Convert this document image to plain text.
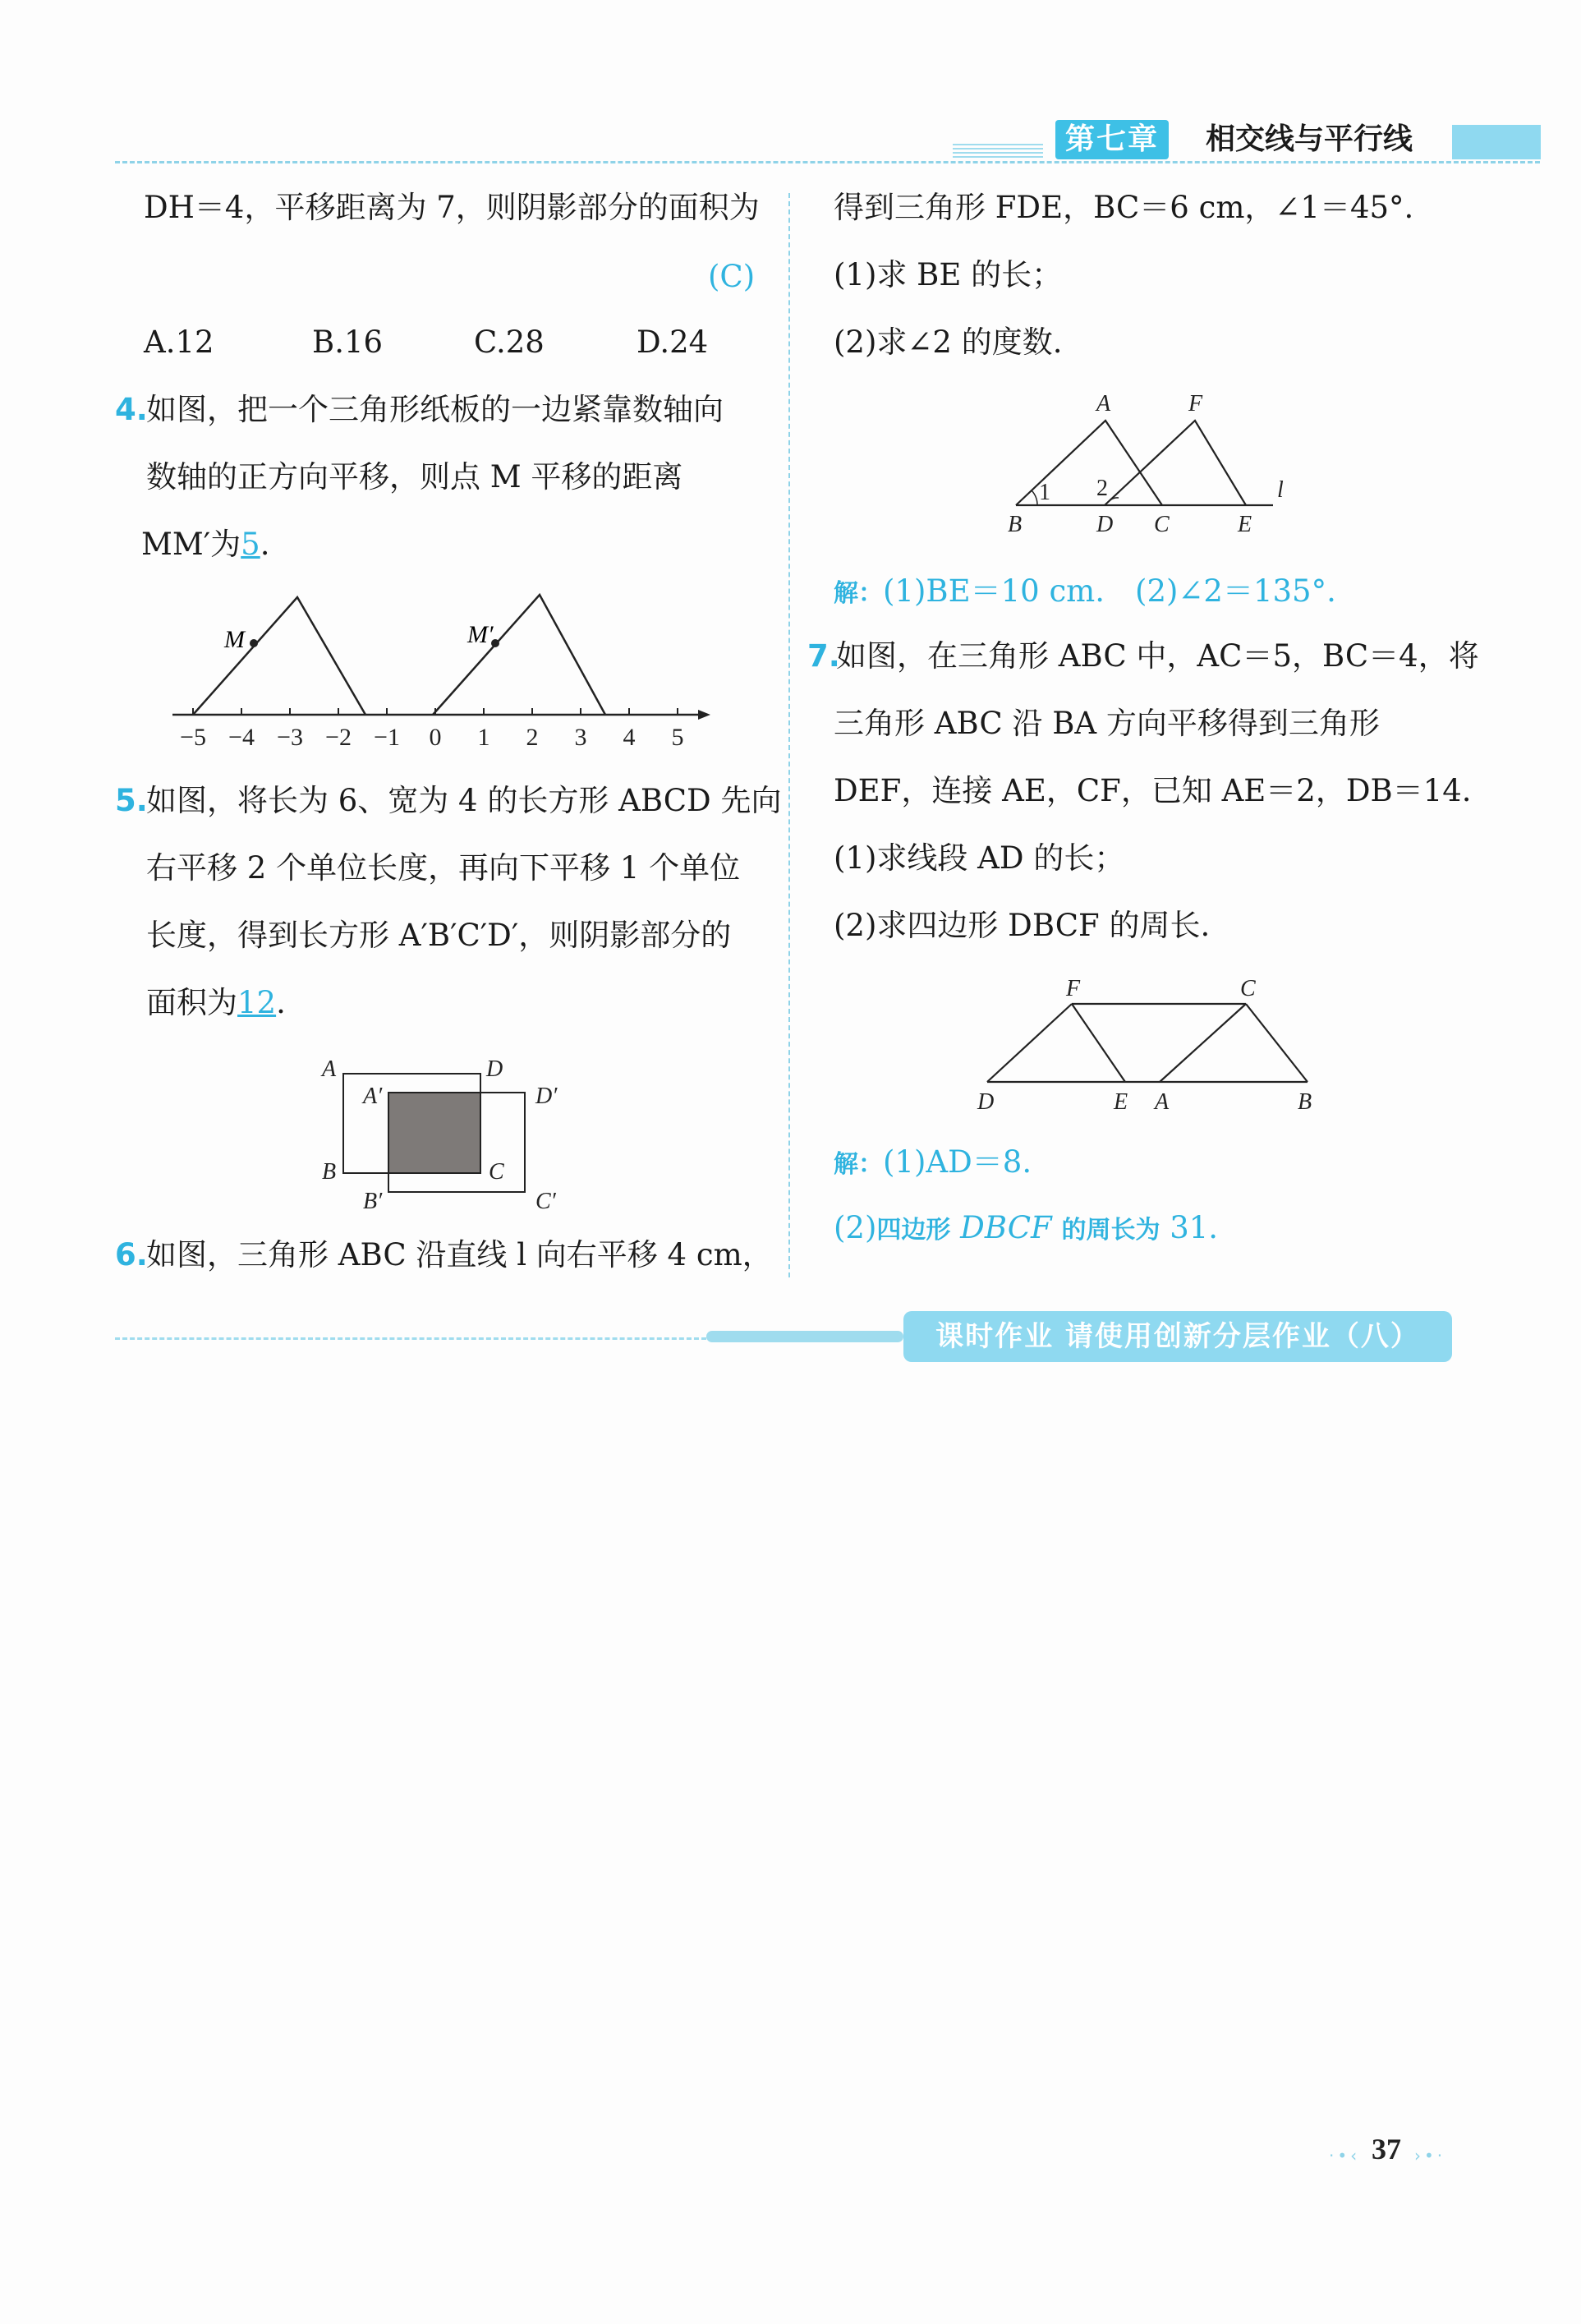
第七章	相交线与平行线
DH＝4，平移距离为 7，则阴影部分的面积为
(C)
A.12	B.16	C.28	D.24
4.
如图，把一个三角形纸板的一边紧靠数轴向
数轴的正方向平移，则点 M 平移的距离
MM′为5.
−5 −4 −3 −2 −1 0 1 2 3 4 5
M	M′
5.
如图，将长为 6、宽为 4 的长方形 ABCD 先向
右平移 2 个单位长度，再向下平移 1 个单位
长度，得到长方形 A′B′C′D′，则阴影部分的
面积为12.
A	D
A′	D′
B	C
B′	C′
6.
如图，三角形 ABC 沿直线 l 向右平移 4 cm，
得到三角形 FDE，BC＝6 cm，∠1＝45°.
(1)求 BE 的长；
(2)求∠2 的度数.
A	F
1 2	l
B	D C	E
解：(1)BE＝10 cm.　(2)∠2＝135°.
7.
如图，在三角形 ABC 中，AC＝5，BC＝4，将
三角形 ABC 沿 BA 方向平移得到三角形
DEF，连接 AE，CF，已知 AE＝2，DB＝14.
(1)求线段 AD 的长；
(2)求四边形 DBCF 的周长.
F	C
D	E A	B
解：(1)AD＝8.
(2)四边形 DBCF 的周长为 31.
课时作业 请使用创新分层作业（八）
·•‹ 37 ›•·
